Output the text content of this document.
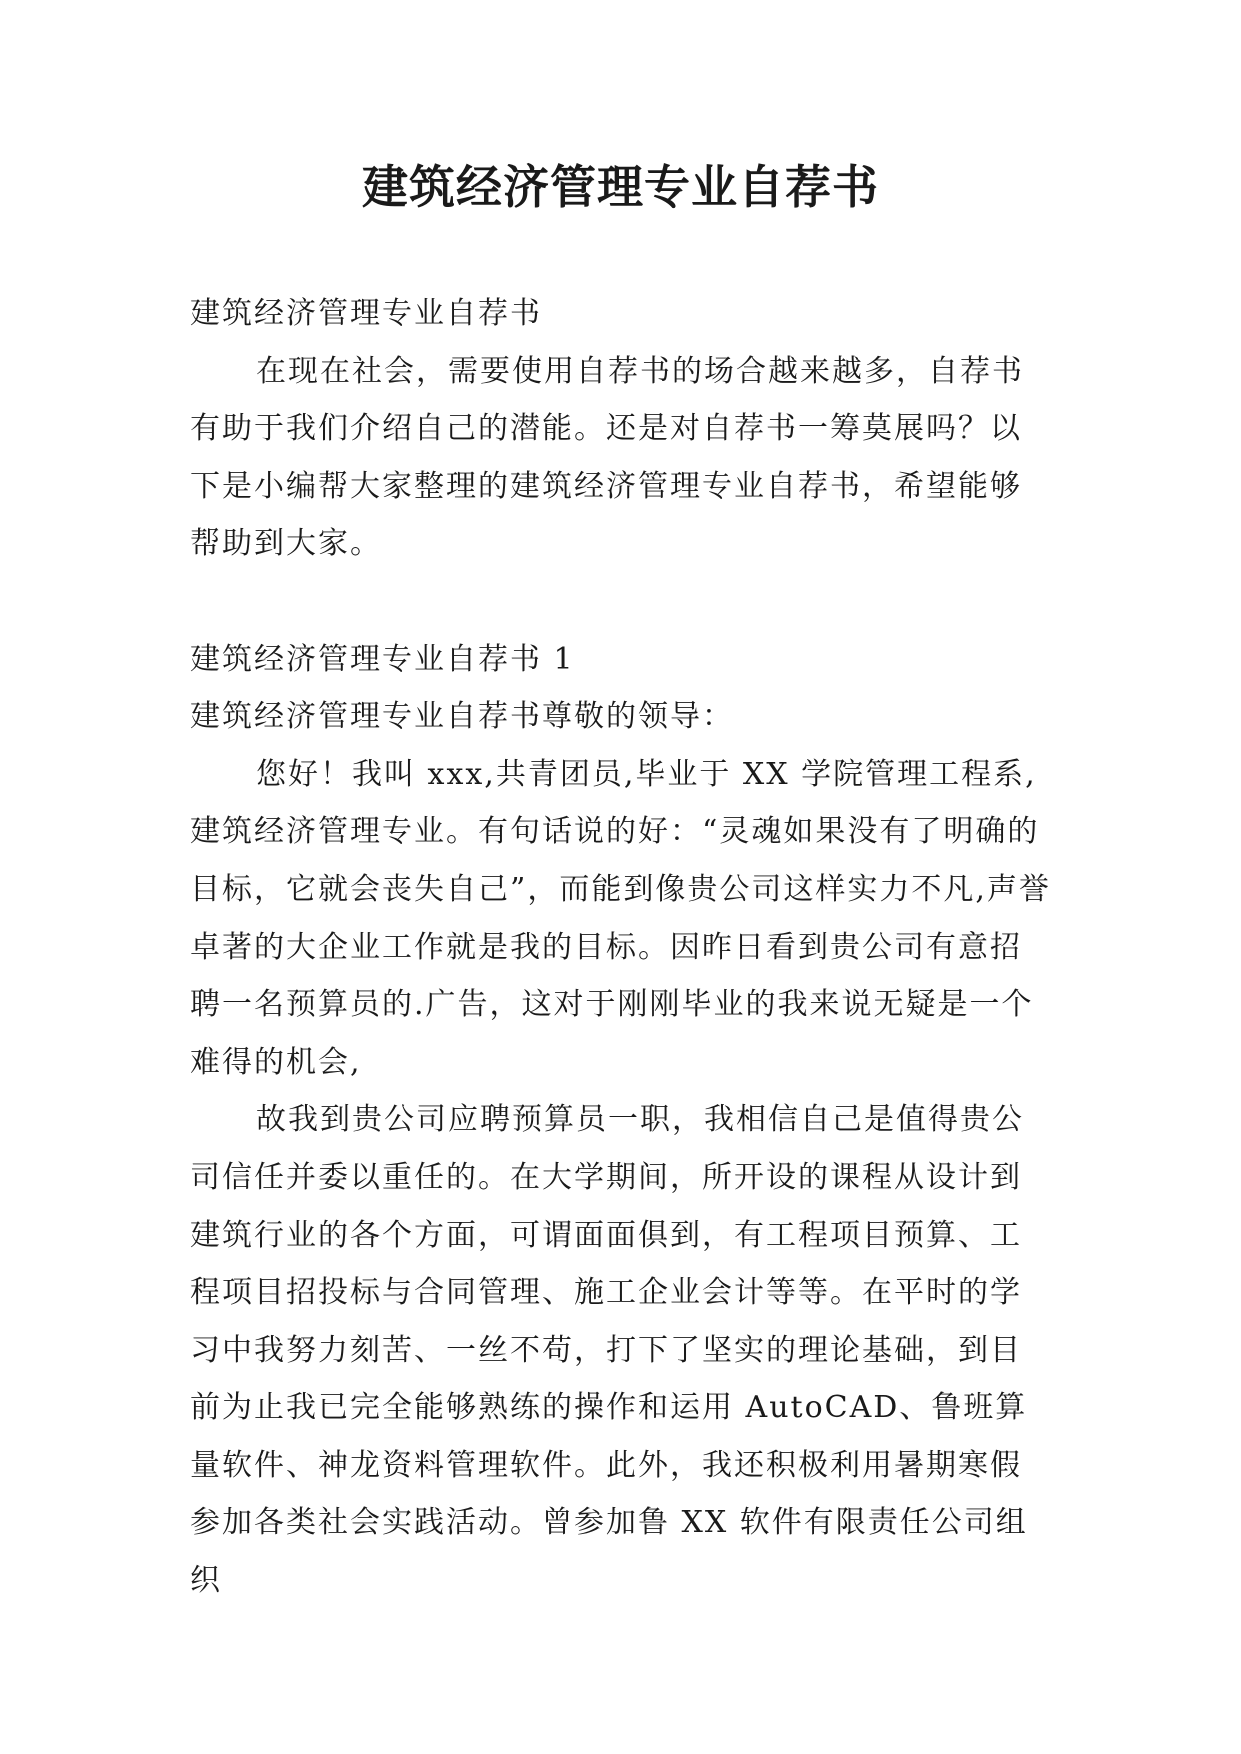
建筑经济管理专业自荐书

建筑经济管理专业自荐书

在现在社会，需要使用自荐书的场合越来越多，自荐书有助于我们介绍自己的潜能。还是对自荐书一筹莫展吗？以下是小编帮大家整理的建筑经济管理专业自荐书，希望能够帮助到大家。

建筑经济管理专业自荐书 1

建筑经济管理专业自荐书尊敬的领导：

您好！我叫 xxx,共青团员,毕业于 XX 学院管理工程系,建筑经济管理专业。有句话说的好：“灵魂如果没有了明确的目标，它就会丧失自己”，而能到像贵公司这样实力不凡,声誉卓著的大企业工作就是我的目标。因昨日看到贵公司有意招聘一名预算员的.广告，这对于刚刚毕业的我来说无疑是一个难得的机会,

故我到贵公司应聘预算员一职，我相信自己是值得贵公司信任并委以重任的。在大学期间，所开设的课程从设计到建筑行业的各个方面，可谓面面俱到，有工程项目预算、工程项目招投标与合同管理、施工企业会计等等。在平时的学习中我努力刻苦、一丝不苟，打下了坚实的理论基础，到目前为止我已完全能够熟练的操作和运用 AutoCAD、鲁班算量软件、神龙资料管理软件。此外，我还积极利用暑期寒假参加各类社会实践活动。曾参加鲁 XX 软件有限责任公司组织
